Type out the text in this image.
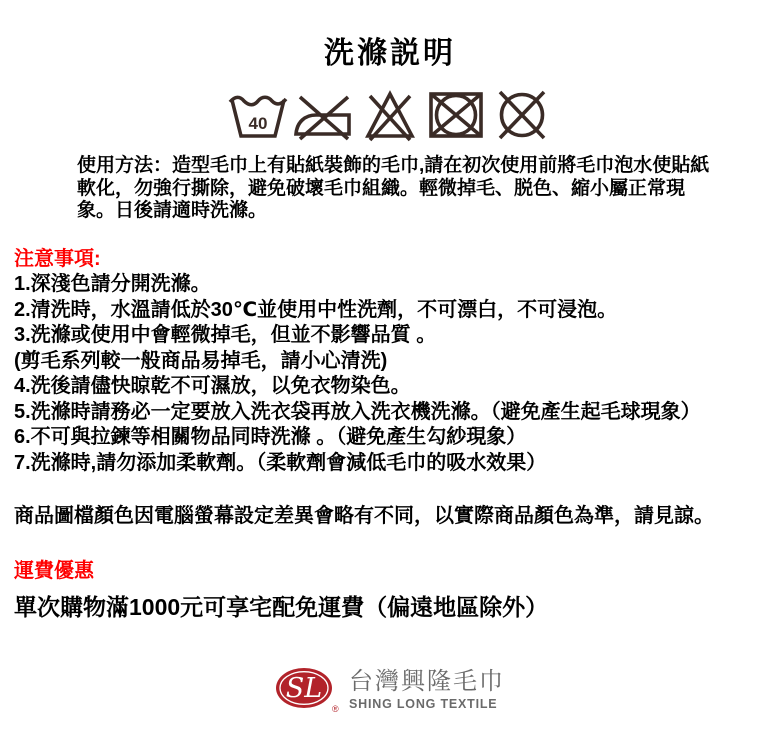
洗滌説明
40

使用方法：造型毛巾上有貼紙裝飾的毛巾,請在初次使用前將毛巾泡水使貼紙軟化，勿強行撕除，避免破壞毛巾組織。輕微掉毛、脱色、縮小屬正常現象。日後請適時洗滌。

注意事項:
1.深淺色請分開洗滌。
2.清洗時，水溫請低於30℃並使用中性洗劑，不可漂白，不可浸泡。
3.洗滌或使用中會輕微掉毛，但並不影響品質 。
(剪毛系列較一般商品易掉毛，請小心清洗)
4.洗後請儘快晾乾不可濕放，以免衣物染色。
5.洗滌時請務必一定要放入洗衣袋再放入洗衣機洗滌。（避免產生起毛球現象）
6.不可與拉鍊等相關物品同時洗滌 。（避免產生勾紗現象）
7.洗滌時,請勿添加柔軟劑。（柔軟劑會減低毛巾的吸水效果）

商品圖檔顏色因電腦螢幕設定差異會略有不同，以實際商品顏色為準，請見諒。

運費優惠
單次購物滿1000元可享宅配免運費（偏遠地區除外）
SL
®
台灣興隆毛巾
SHING LONG TEXTILE
